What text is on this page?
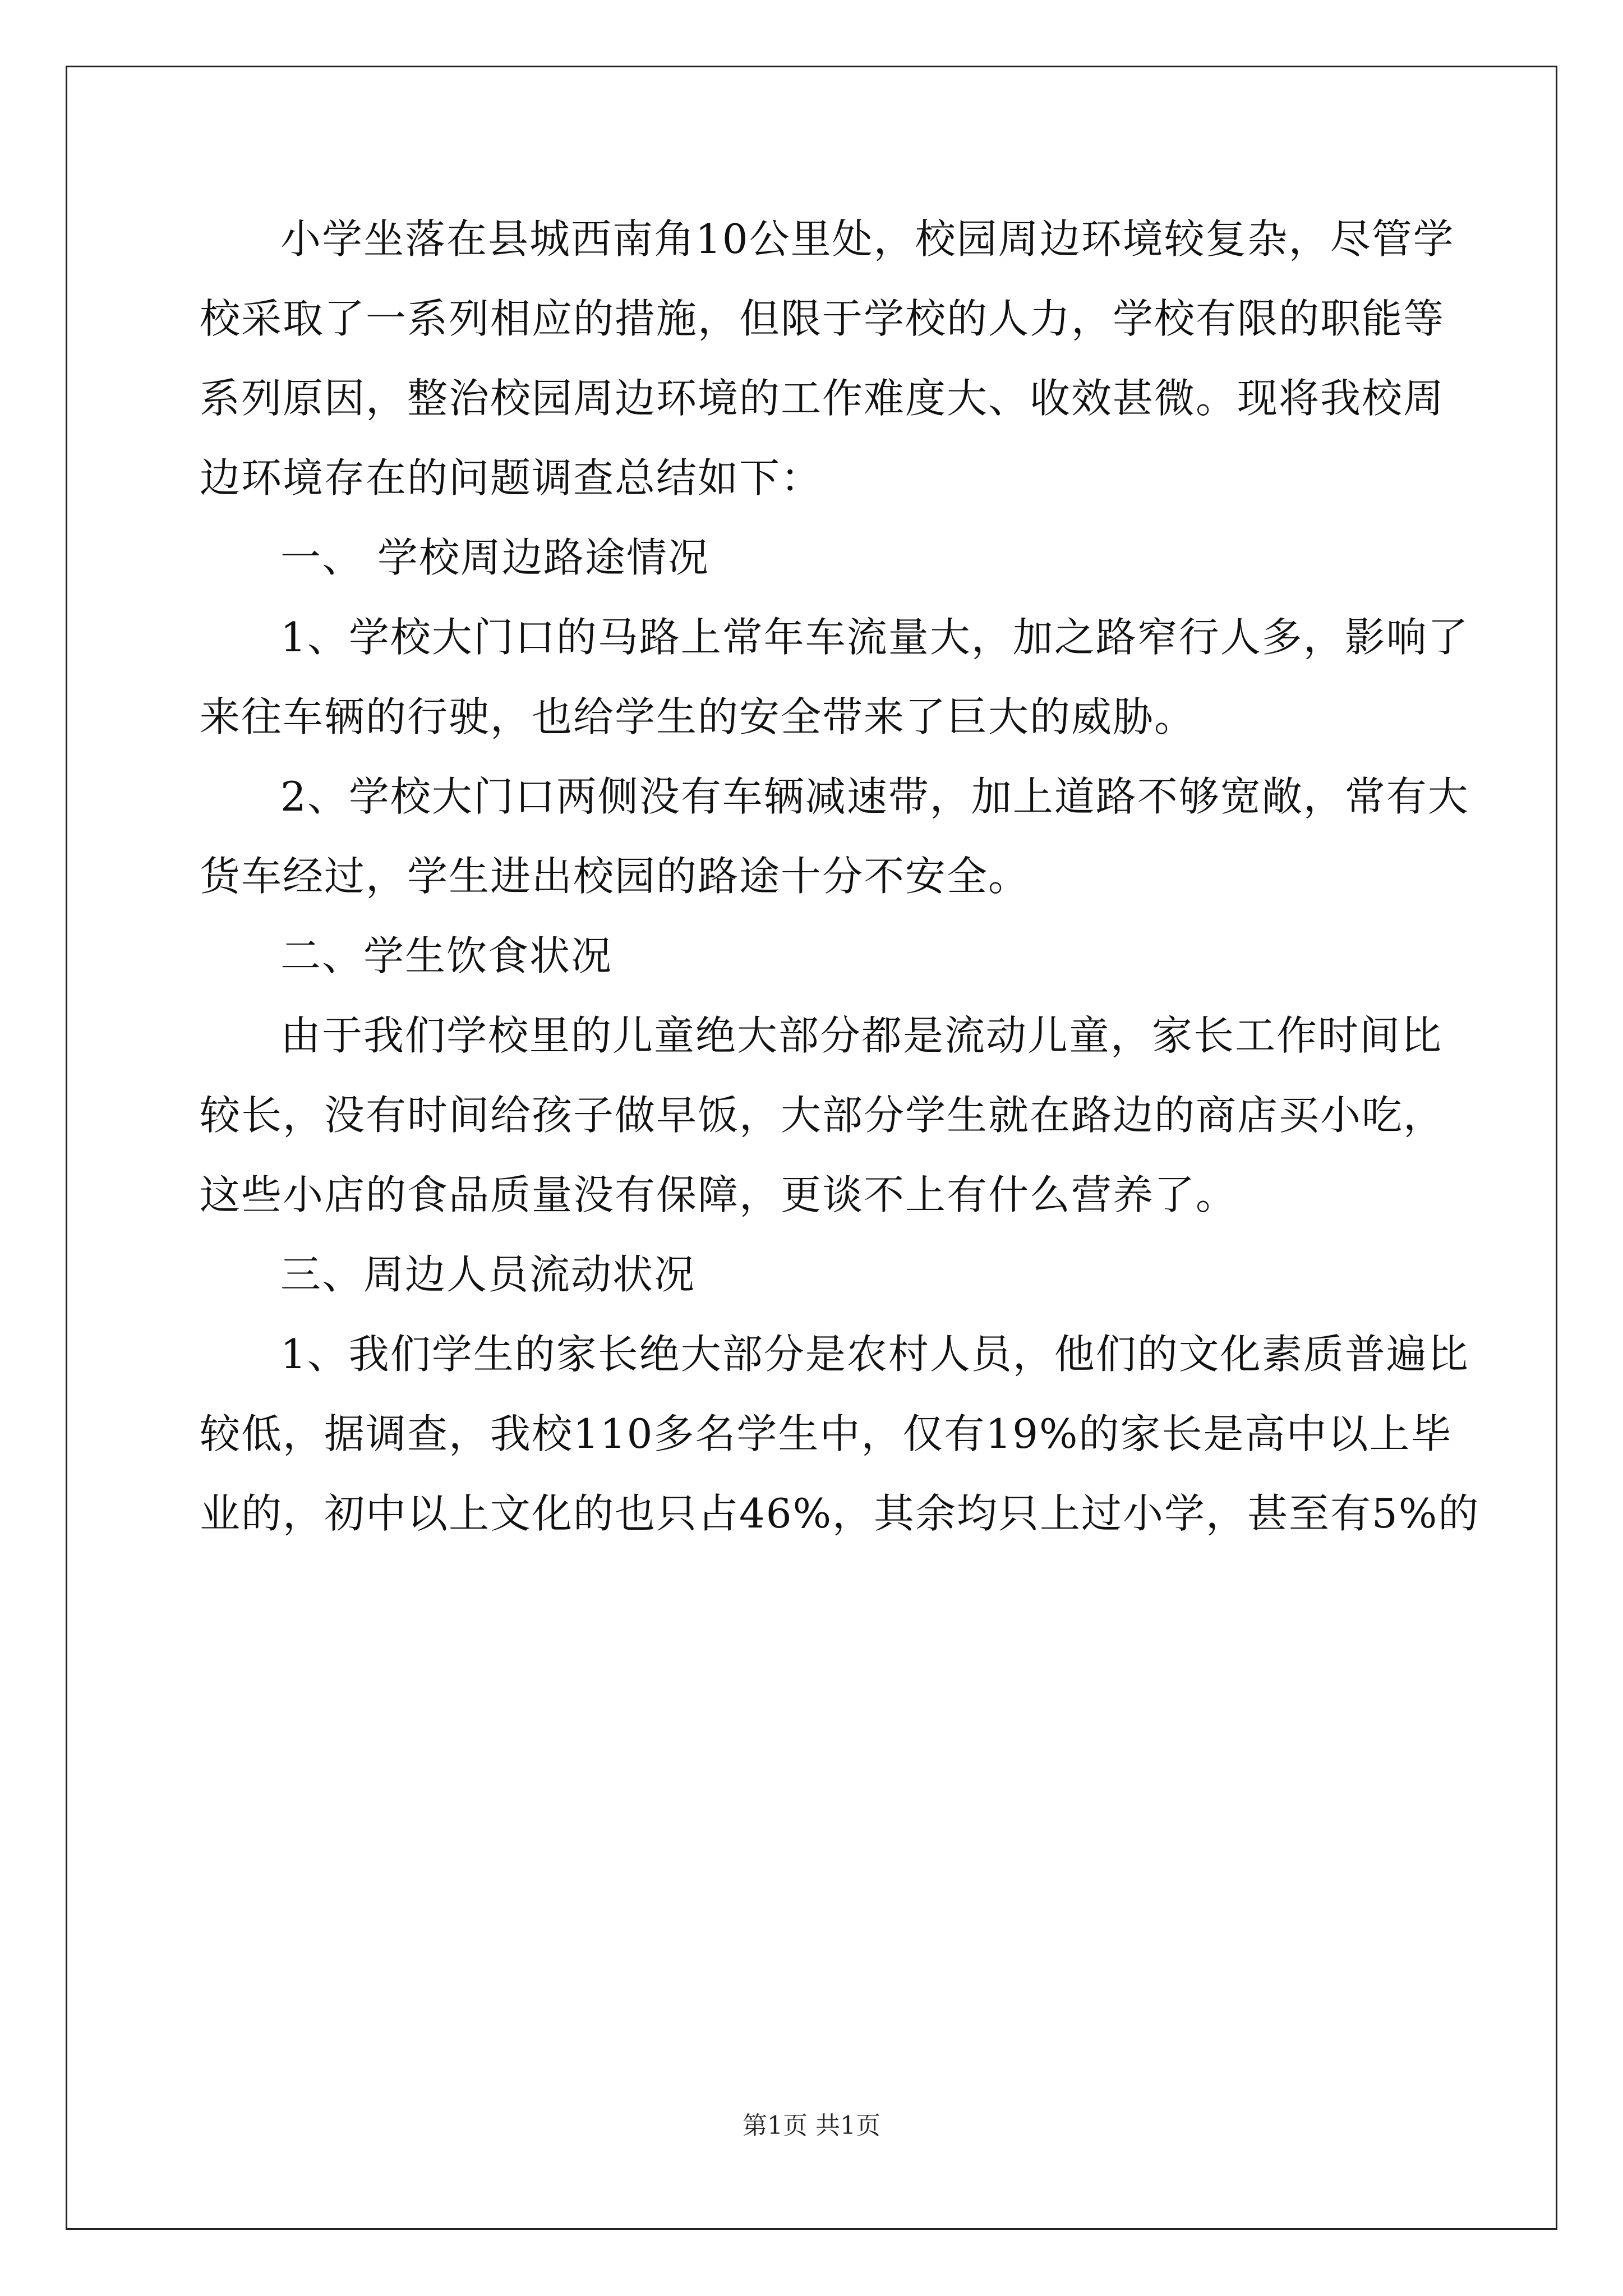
小学坐落在县城西南角10公里处，校园周边环境较复杂，尽管学
校采取了一系列相应的措施，但限于学校的人力，学校有限的职能等
系列原因，整治校园周边环境的工作难度大、收效甚微。现将我校周
边环境存在的问题调查总结如下：
一、 学校周边路途情况
1、学校大门口的马路上常年车流量大，加之路窄行人多，影响了
来往车辆的行驶，也给学生的安全带来了巨大的威胁。
2、学校大门口两侧没有车辆减速带，加上道路不够宽敞，常有大
货车经过，学生进出校园的路途十分不安全。
二、学生饮食状况
由于我们学校里的儿童绝大部分都是流动儿童，家长工作时间比
较长，没有时间给孩子做早饭，大部分学生就在路边的商店买小吃，
这些小店的食品质量没有保障，更谈不上有什么营养了。
三、周边人员流动状况
1、我们学生的家长绝大部分是农村人员，他们的文化素质普遍比
较低，据调查，我校110多名学生中，仅有19%的家长是高中以上毕
业的，初中以上文化的也只占46%，其余均只上过小学，甚至有5%的
第1页 共1页
